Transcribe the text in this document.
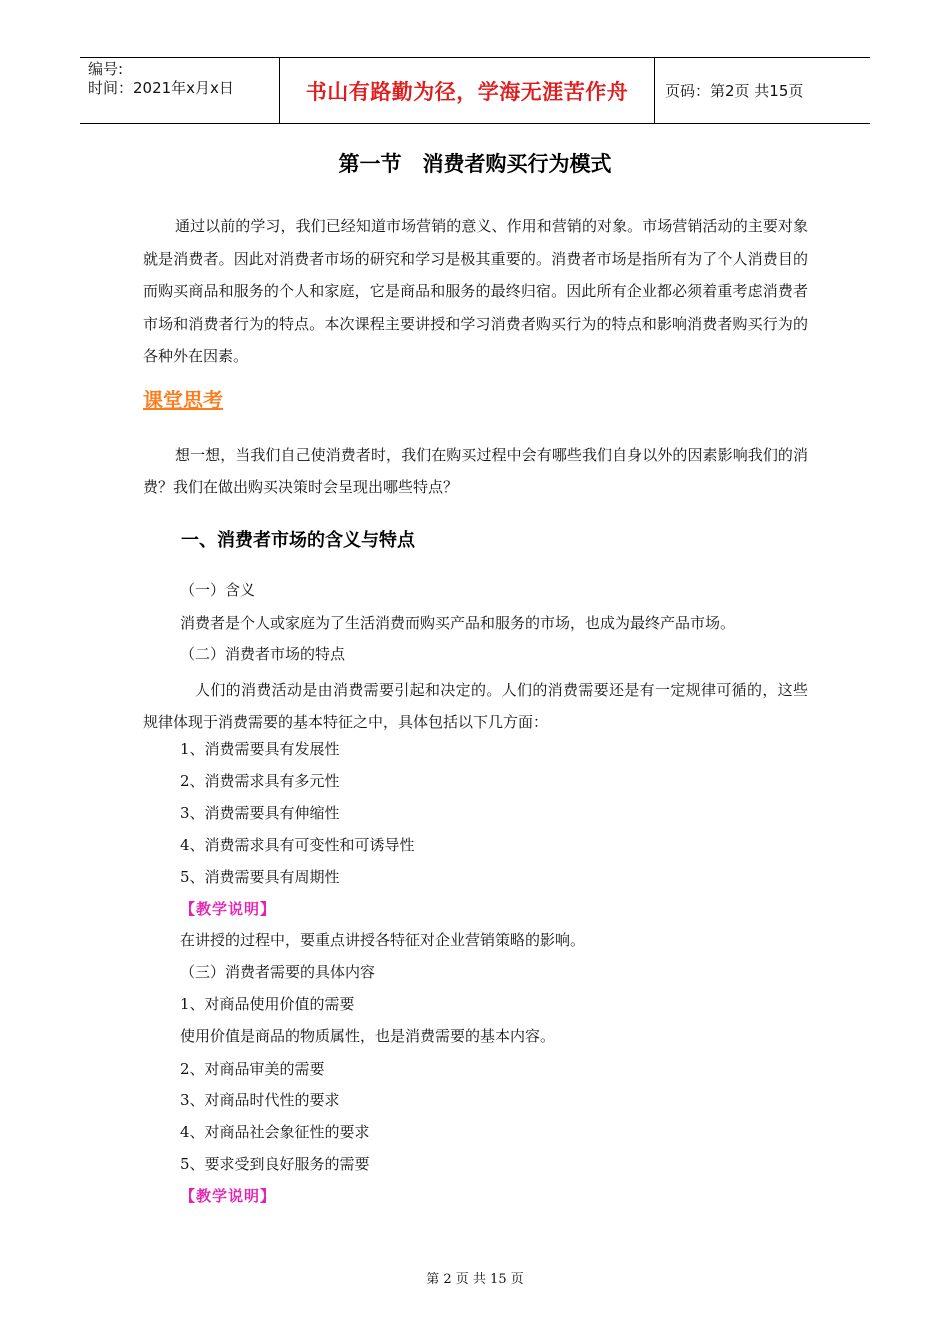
编号:
时间：2021年x月x日	书山有路勤为径，学海无涯苦作舟	页码：第2页 共15页
第一节　消费者购买行为模式

通过以前的学习，我们已经知道市场营销的意义、作用和营销的对象。市场营销活动的主要对象就是消费者。因此对消费者市场的研究和学习是极其重要的。消费者市场是指所有为了个人消费目的而购买商品和服务的个人和家庭，它是商品和服务的最终归宿。因此所有企业都必须着重考虑消费者市场和消费者行为的特点。本次课程主要讲授和学习消费者购买行为的特点和影响消费者购买行为的各种外在因素。

课堂思考

想一想，当我们自己使消费者时，我们在购买过程中会有哪些我们自身以外的因素影响我们的消费？我们在做出购买决策时会呈现出哪些特点？

一、消费者市场的含义与特点
（一）含义
消费者是个人或家庭为了生活消费而购买产品和服务的市场，也成为最终产品市场。
（二）消费者市场的特点

人们的消费活动是由消费需要引起和决定的。人们的消费需要还是有一定规律可循的，这些规律体现于消费需要的基本特征之中，具体包括以下几方面：

1、消费需要具有发展性
2、消费需求具有多元性
3、消费需要具有伸缩性
4、消费需求具有可变性和可诱导性
5、消费需要具有周期性
【教学说明】
在讲授的过程中，要重点讲授各特征对企业营销策略的影响。
（三）消费者需要的具体内容
1、对商品使用价值的需要
使用价值是商品的物质属性，也是消费需要的基本内容。
2、对商品审美的需要
3、对商品时代性的要求
4、对商品社会象征性的要求
5、要求受到良好服务的需要
【教学说明】
第 2 页 共 15 页
